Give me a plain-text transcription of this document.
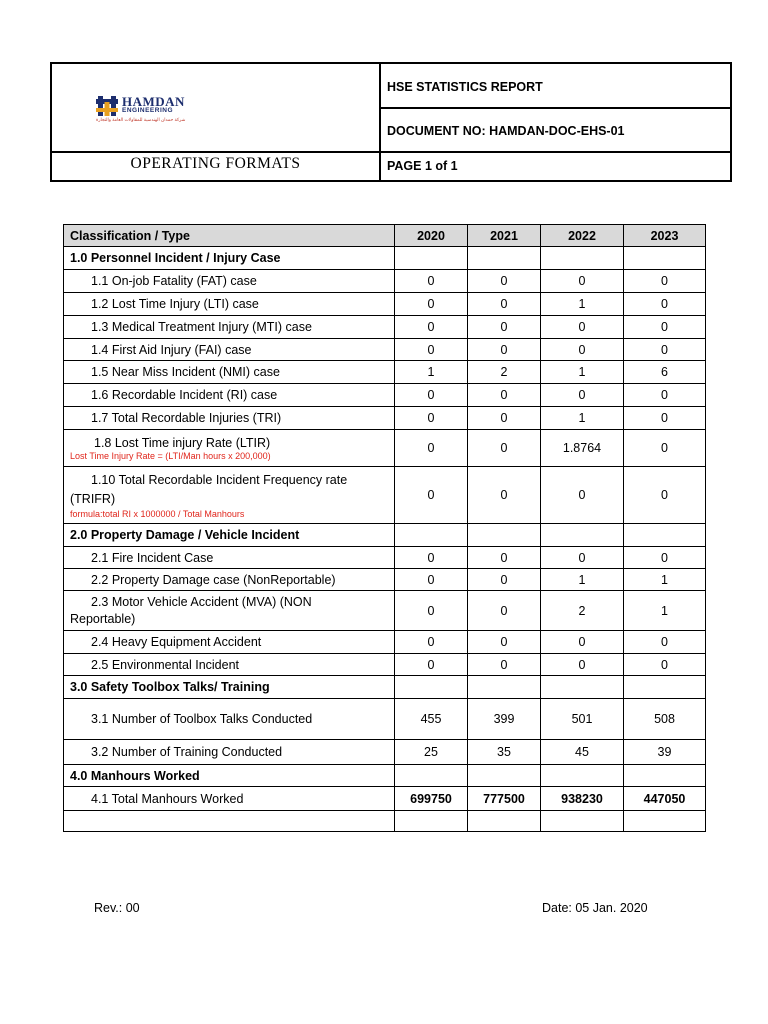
HAMDAN
ENGINEERING
شركة حمدان الهندسية للمقاولات العامة والتجارة
HSE STATISTICS REPORT
DOCUMENT NO: HAMDAN-DOC-EHS-01
OPERATING FORMATS	PAGE 1 of 1
Classification / Type	2020	2021	2022	2023
1.0 Personnel Incident / Injury Case				
1.1 On-job Fatality (FAT) case	0	0	0	0
1.2 Lost Time Injury (LTI) case	0	0	1	0
1.3 Medical Treatment Injury (MTI) case	0	0	0	0
1.4 First Aid Injury (FAI) case	0	0	0	0
1.5 Near Miss Incident (NMI) case	1	2	1	6
1.6 Recordable Incident (RI) case	0	0	0	0
1.7 Total Recordable Injuries (TRI)	0	0	1	0

1.8 Lost Time injury Rate (LTIR)
Lost Time Injury Rate = (LTI/Man hours x 200,000)	0	0	1.8764	0

1.10 Total Recordable Incident Frequency rate
(TRIFR)
formula:total RI x 1000000 / Total Manhours	0	0	0	0
2.0 Property Damage / Vehicle Incident				
2.1 Fire Incident Case	0	0	0	0
2.2 Property Damage case (NonReportable)	0	0	1	1

2.3 Motor Vehicle Accident (MVA) (NON
Reportable)	0	0	2	1
2.4 Heavy Equipment Accident	0	0	0	0
2.5 Environmental Incident	0	0	0	0
3.0 Safety Toolbox Talks/ Training				
3.1 Number of Toolbox Talks Conducted	455	399	501	508
3.2 Number of Training Conducted	25	35	45	39
4.0 Manhours Worked				
4.1 Total Manhours Worked	699750	777500	938230	447050

Rev.: 00	Date: 05 Jan. 2020
